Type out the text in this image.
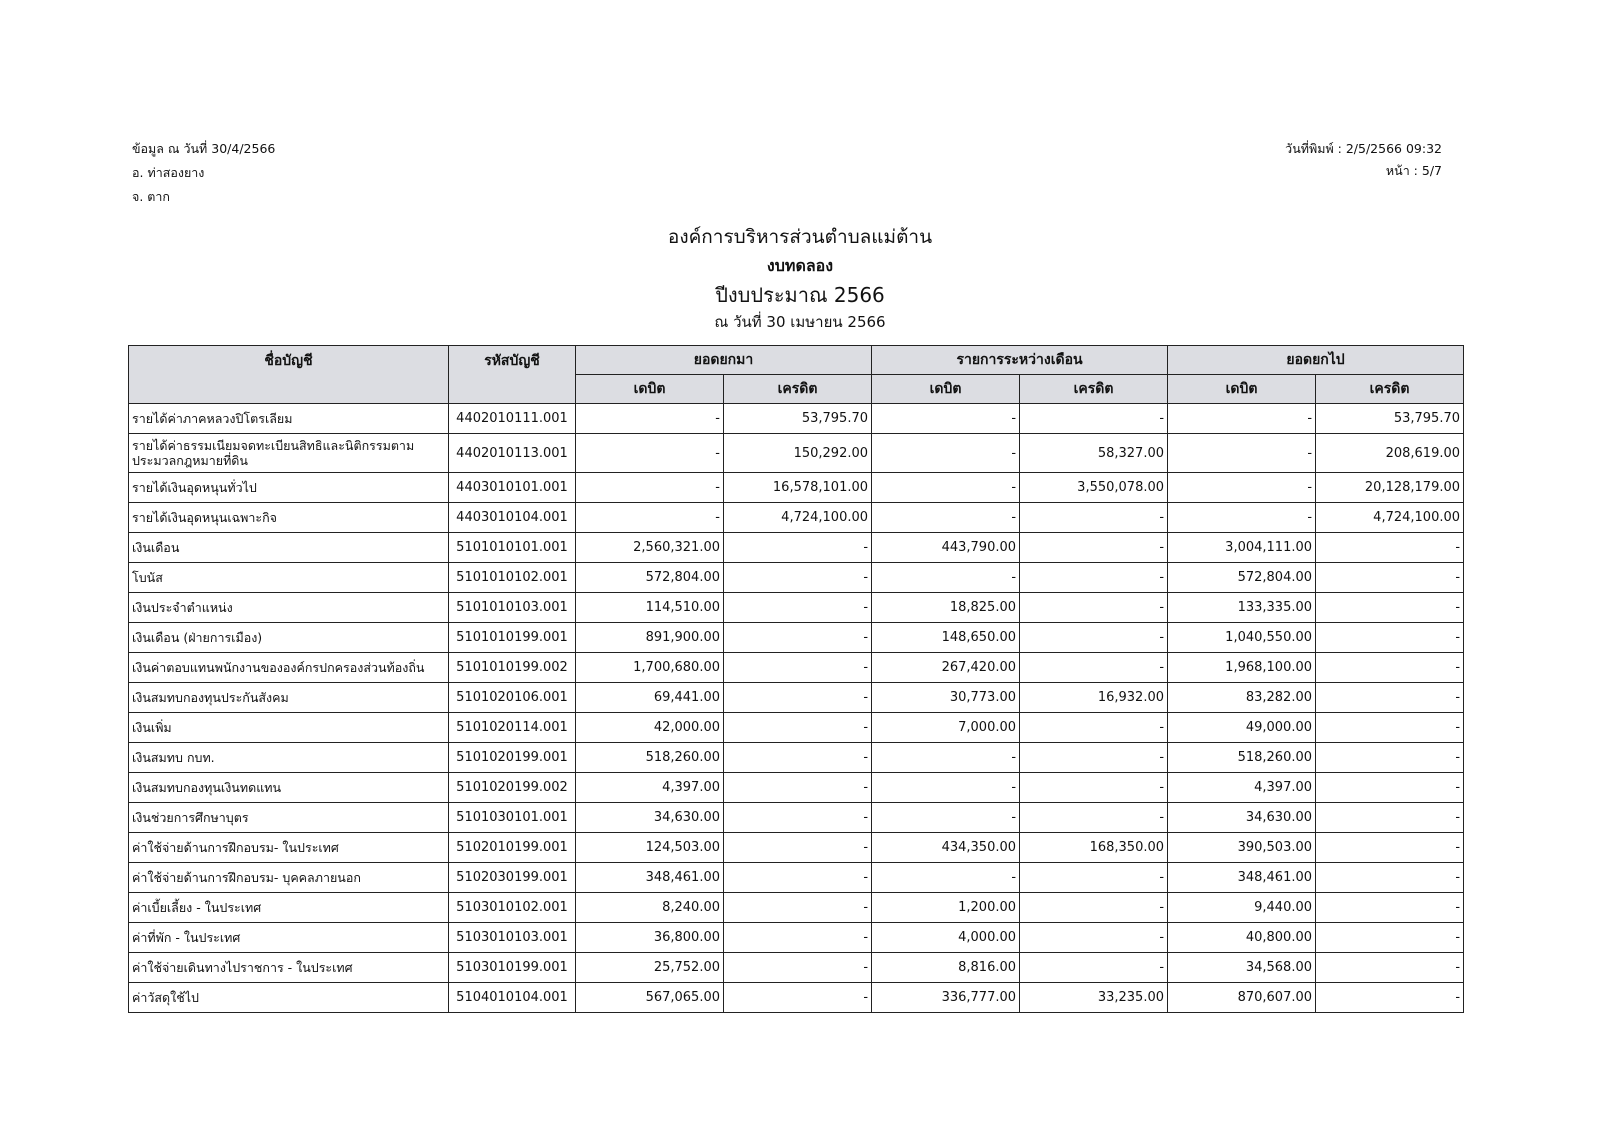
ข้อมูล ณ วันที่ 30/4/2566
อ. ท่าสองยาง
จ. ตาก
วันที่พิมพ์ : 2/5/2566 09:32
หน้า : 5/7
องค์การบริหารส่วนตำบลแม่ต้าน
งบทดลอง
ปีงบประมาณ 2566
ณ วันที่ 30 เมษายน 2566
ชื่อบัญชี	รหัสบัญชี	ยอดยกมา		รายการระหว่างเดือน		ยอดยกไป	
		เดบิต	เครดิต	เดบิต	เครดิต	เดบิต	เครดิต
รายได้ค่าภาคหลวงปิโตรเลียม	4402010111.001	-	53,795.70	-	-	-	53,795.70
รายได้ค่าธรรมเนียมจดทะเบียนสิทธิและนิติกรรมตามประมวลกฎหมายที่ดิน	4402010113.001	-	150,292.00	-	58,327.00	-	208,619.00
รายได้เงินอุดหนุนทั่วไป	4403010101.001	-	16,578,101.00	-	3,550,078.00	-	20,128,179.00
รายได้เงินอุดหนุนเฉพาะกิจ	4403010104.001	-	4,724,100.00	-	-	-	4,724,100.00
เงินเดือน	5101010101.001	2,560,321.00	-	443,790.00	-	3,004,111.00	-
โบนัส	5101010102.001	572,804.00	-	-	-	572,804.00	-
เงินประจำตำแหน่ง	5101010103.001	114,510.00	-	18,825.00	-	133,335.00	-
เงินเดือน (ฝ่ายการเมือง)	5101010199.001	891,900.00	-	148,650.00	-	1,040,550.00	-
เงินค่าตอบแทนพนักงานขององค์กรปกครองส่วนท้องถิ่น	5101010199.002	1,700,680.00	-	267,420.00	-	1,968,100.00	-
เงินสมทบกองทุนประกันสังคม	5101020106.001	69,441.00	-	30,773.00	16,932.00	83,282.00	-
เงินเพิ่ม	5101020114.001	42,000.00	-	7,000.00	-	49,000.00	-
เงินสมทบ กบท.	5101020199.001	518,260.00	-	-	-	518,260.00	-
เงินสมทบกองทุนเงินทดแทน	5101020199.002	4,397.00	-	-	-	4,397.00	-
เงินช่วยการศึกษาบุตร	5101030101.001	34,630.00	-	-	-	34,630.00	-
ค่าใช้จ่ายด้านการฝึกอบรม- ในประเทศ	5102010199.001	124,503.00	-	434,350.00	168,350.00	390,503.00	-
ค่าใช้จ่ายด้านการฝึกอบรม- บุคคลภายนอก	5102030199.001	348,461.00	-	-	-	348,461.00	-
ค่าเบี้ยเลี้ยง - ในประเทศ	5103010102.001	8,240.00	-	1,200.00	-	9,440.00	-
ค่าที่พัก - ในประเทศ	5103010103.001	36,800.00	-	4,000.00	-	40,800.00	-
ค่าใช้จ่ายเดินทางไปราชการ - ในประเทศ	5103010199.001	25,752.00	-	8,816.00	-	34,568.00	-
ค่าวัสดุใช้ไป	5104010104.001	567,065.00	-	336,777.00	33,235.00	870,607.00	-
